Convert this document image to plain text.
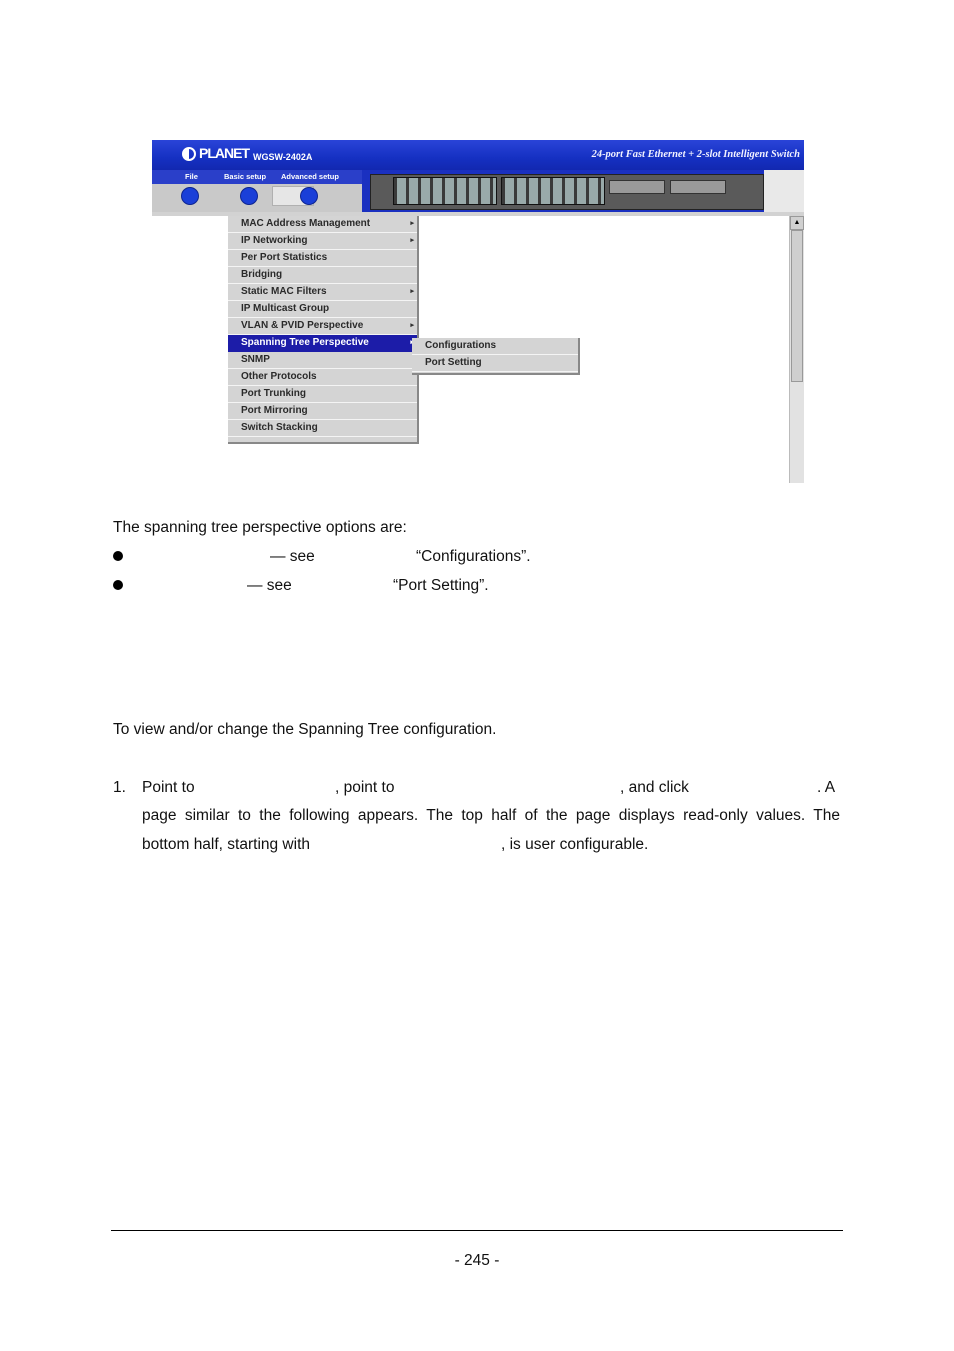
PLANET WGSW-2402A	24-port Fast Ethernet + 2-slot Intelligent Switch
File	Basic setup Advanced setup
MAC Address Management	▸
IP Networking	▸
Per Port Statistics
Bridging
Static MAC Filters	▸
IP Multicast Group
VLAN & PVID Perspective	▸
Spanning Tree Perspective
SNMP
Other Protocols
Port Trunking
Port Mirroring
Switch Stacking
Configurations
Port Setting
▲
The spanning tree perspective options are:
— see	“Configurations”.
— see	“Port Setting”.
To view and/or change the Spanning Tree configuration.
1. Point to	, point to	, and click	. A
page similar to the following appears. The top half of the page displays read-only values. The
bottom half, starting with	, is user configurable.
- 245 -
